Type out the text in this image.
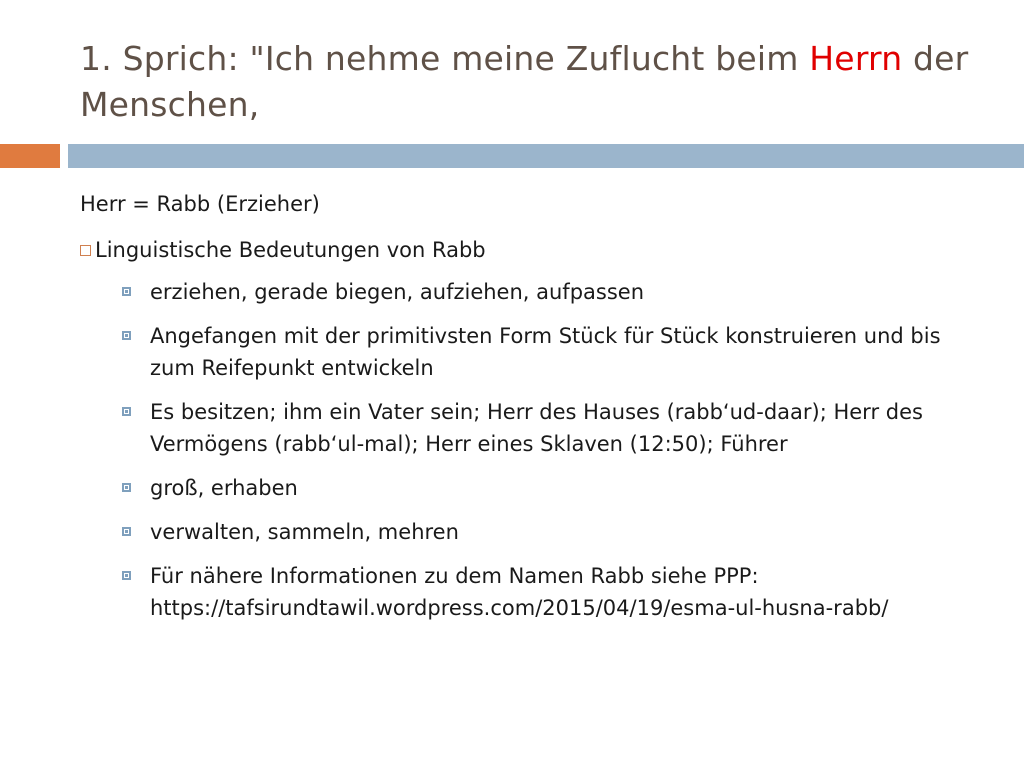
1. Sprich: "Ich nehme meine Zuflucht beim Herrn der Menschen,
Herr = Rabb (Erzieher)
Linguistische Bedeutungen von Rabb
erziehen, gerade biegen, aufziehen, aufpassen
Angefangen mit der primitivsten Form Stück für Stück konstruieren und bis zum Reifepunkt entwickeln
Es besitzen; ihm ein Vater sein; Herr des Hauses (rabb‘ud-daar); Herr des Vermögens (rabb‘ul-mal); Herr eines Sklaven (12:50); Führer
groß, erhaben
verwalten, sammeln, mehren
Für nähere Informationen zu dem Namen Rabb siehe PPP: https://tafsirundtawil.wordpress.com/2015/04/19/esma-ul-husna-rabb/
